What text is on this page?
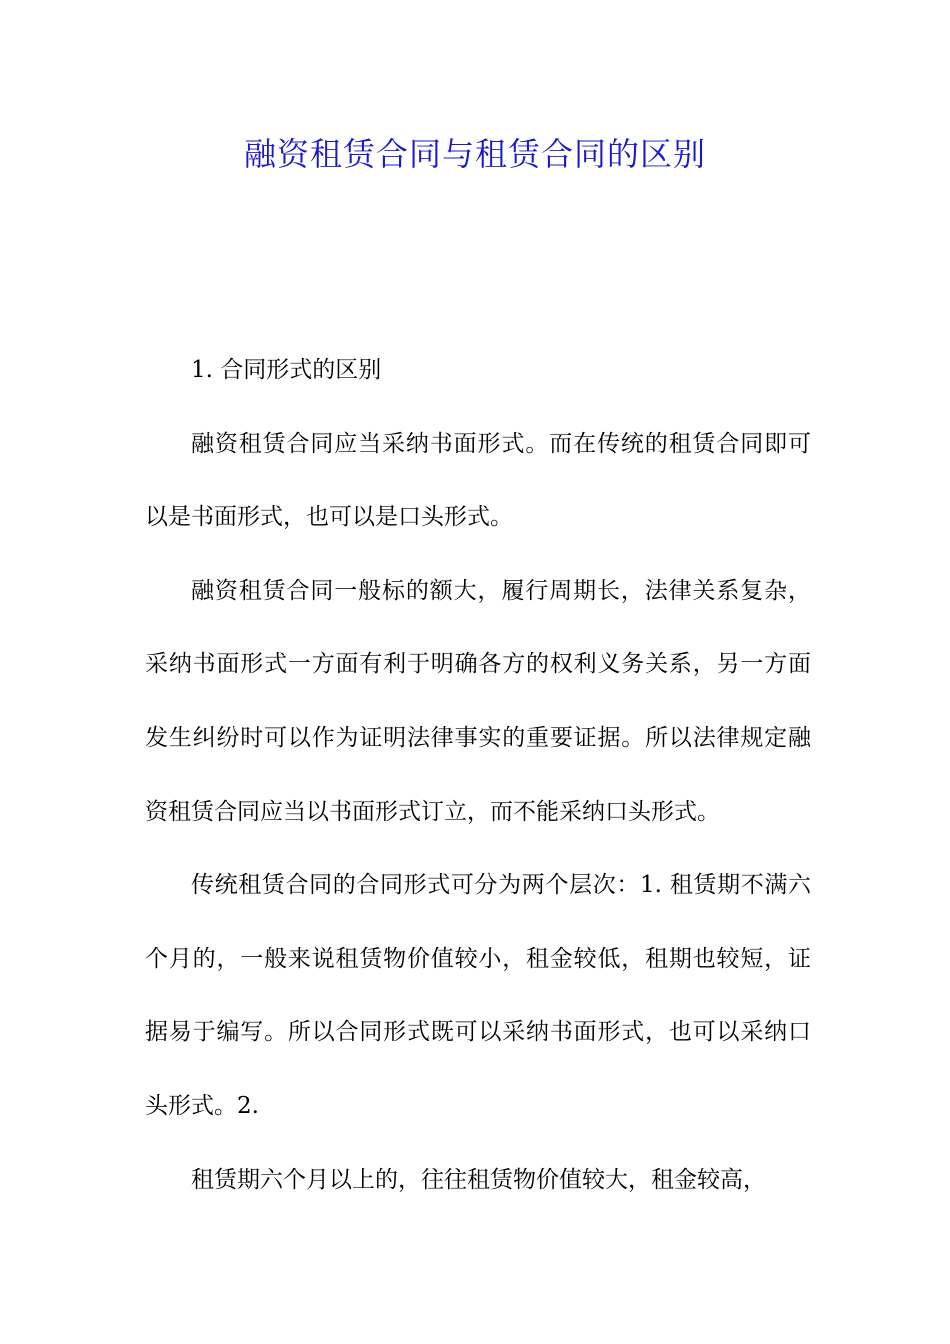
融资租赁合同与租赁合同的区别

1. 合同形式的区别

融资租赁合同应当采纳书面形式。而在传统的租赁合同即可以是书面形式，也可以是口头形式。

融资租赁合同一般标的额大，履行周期长，法律关系复杂，采纳书面形式一方面有利于明确各方的权利义务关系，另一方面发生纠纷时可以作为证明法律事实的重要证据。所以法律规定融资租赁合同应当以书面形式订立，而不能采纳口头形式。

传统租赁合同的合同形式可分为两个层次：1. 租赁期不满六个月的，一般来说租赁物价值较小，租金较低，租期也较短，证据易于编写。所以合同形式既可以采纳书面形式，也可以采纳口头形式。2.

租赁期六个月以上的，往往租赁物价值较大，租金较高，
